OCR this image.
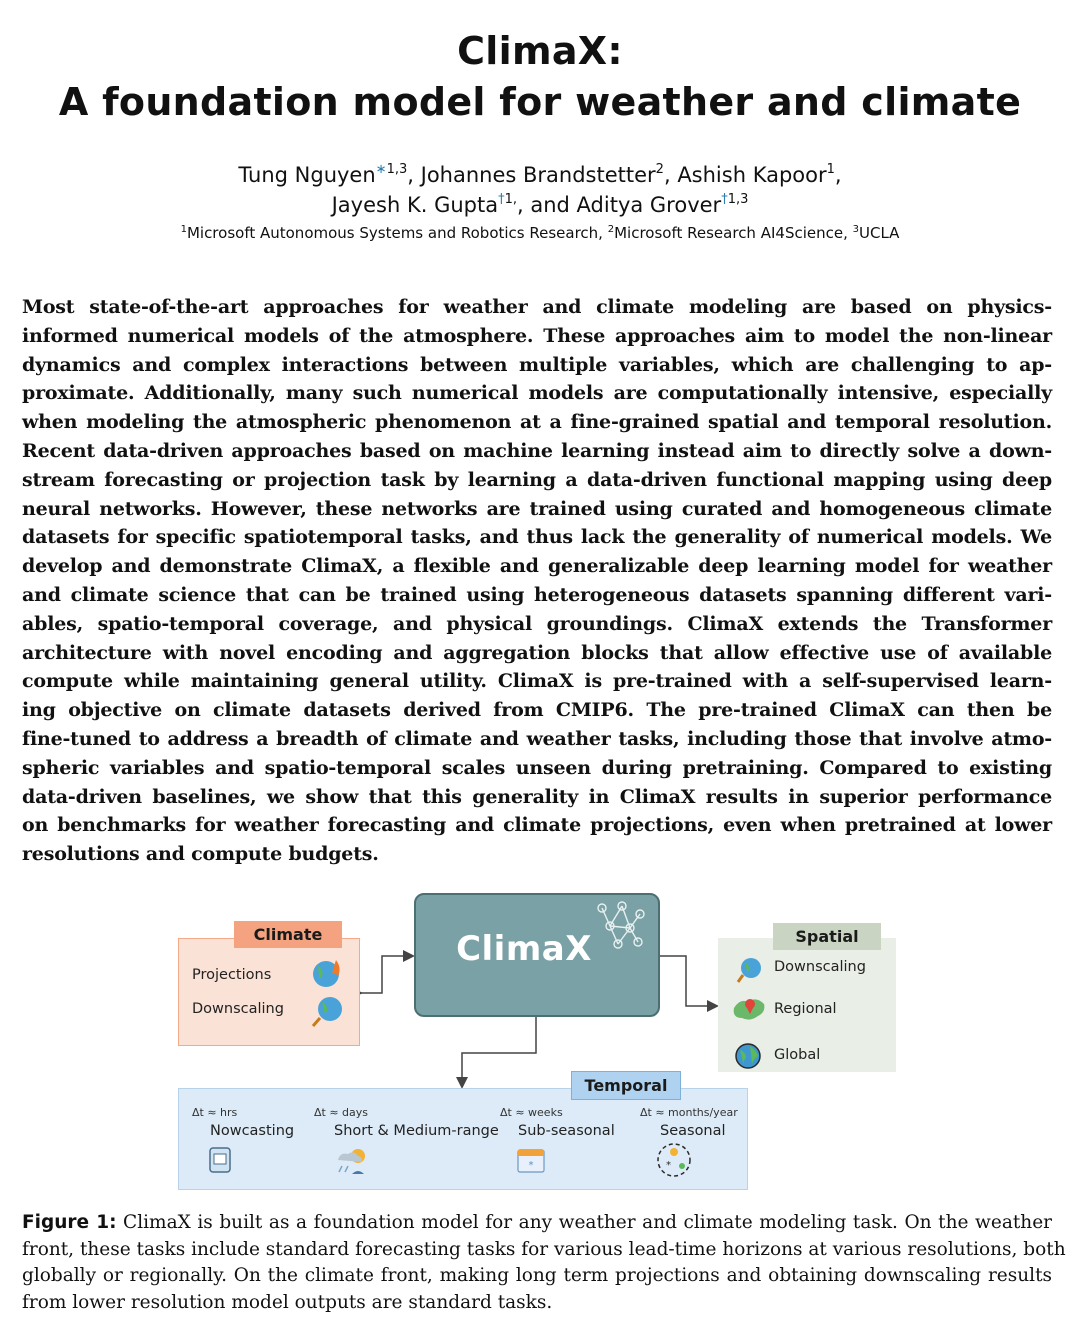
ClimaX:
A foundation model for weather and climate
Tung Nguyen$^{∗1,3}$, Johannes Brandstetter$^2$, Ashish Kapoor$^1$,
Jayesh K. Gupta$^{\dagger 1,}$, and Aditya Grover$^{\dagger 1,3}$
$^1$Microsoft Autonomous Systems and Robotics Research, $^2$Microsoft Research AI4Science, $^3$UCLA
Most state-of-the-art approaches for weather and climate modeling are based on physics-
informed numerical models of the atmosphere. These approaches aim to model the non-linear
dynamics and complex interactions between multiple variables, which are challenging to ap-
proximate. Additionally, many such numerical models are computationally intensive, especially
when modeling the atmospheric phenomenon at a fine-grained spatial and temporal resolution.
Recent data-driven approaches based on machine learning instead aim to directly solve a down-
stream forecasting or projection task by learning a data-driven functional mapping using deep
neural networks. However, these networks are trained using curated and homogeneous climate
datasets for specific spatiotemporal tasks, and thus lack the generality of numerical models. We
develop and demonstrate ClimaX, a flexible and generalizable deep learning model for weather
and climate science that can be trained using heterogeneous datasets spanning different vari-
ables, spatio-temporal coverage, and physical groundings. ClimaX extends the Transformer
architecture with novel encoding and aggregation blocks that allow effective use of available
compute while maintaining general utility. ClimaX is pre-trained with a self-supervised learn-
ing objective on climate datasets derived from CMIP6. The pre-trained ClimaX can then be
fine-tuned to address a breadth of climate and weather tasks, including those that involve atmo-
spheric variables and spatio-temporal scales unseen during pretraining. Compared to existing
data-driven baselines, we show that this generality in ClimaX results in superior performance
on benchmarks for weather forecasting and climate projections, even when pretrained at lower
resolutions and compute budgets.
Climate
Projections
Downscaling
ClimaX	Spatial
Downscaling
Regional
Global
Temporal
Δt ≈ hrs
Nowcasting
Δt ≈ days
Short & Medium-range
Δt ≈ weeks
Sub-seasonal
*
Δt ≈ months/year
Seasonal
*
Figure 1: ClimaX is built as a foundation model for any weather and climate modeling task. On the weather
front, these tasks include standard forecasting tasks for various lead-time horizons at various resolutions, both
globally or regionally. On the climate front, making long term projections and obtaining downscaling results
from lower resolution model outputs are standard tasks.
